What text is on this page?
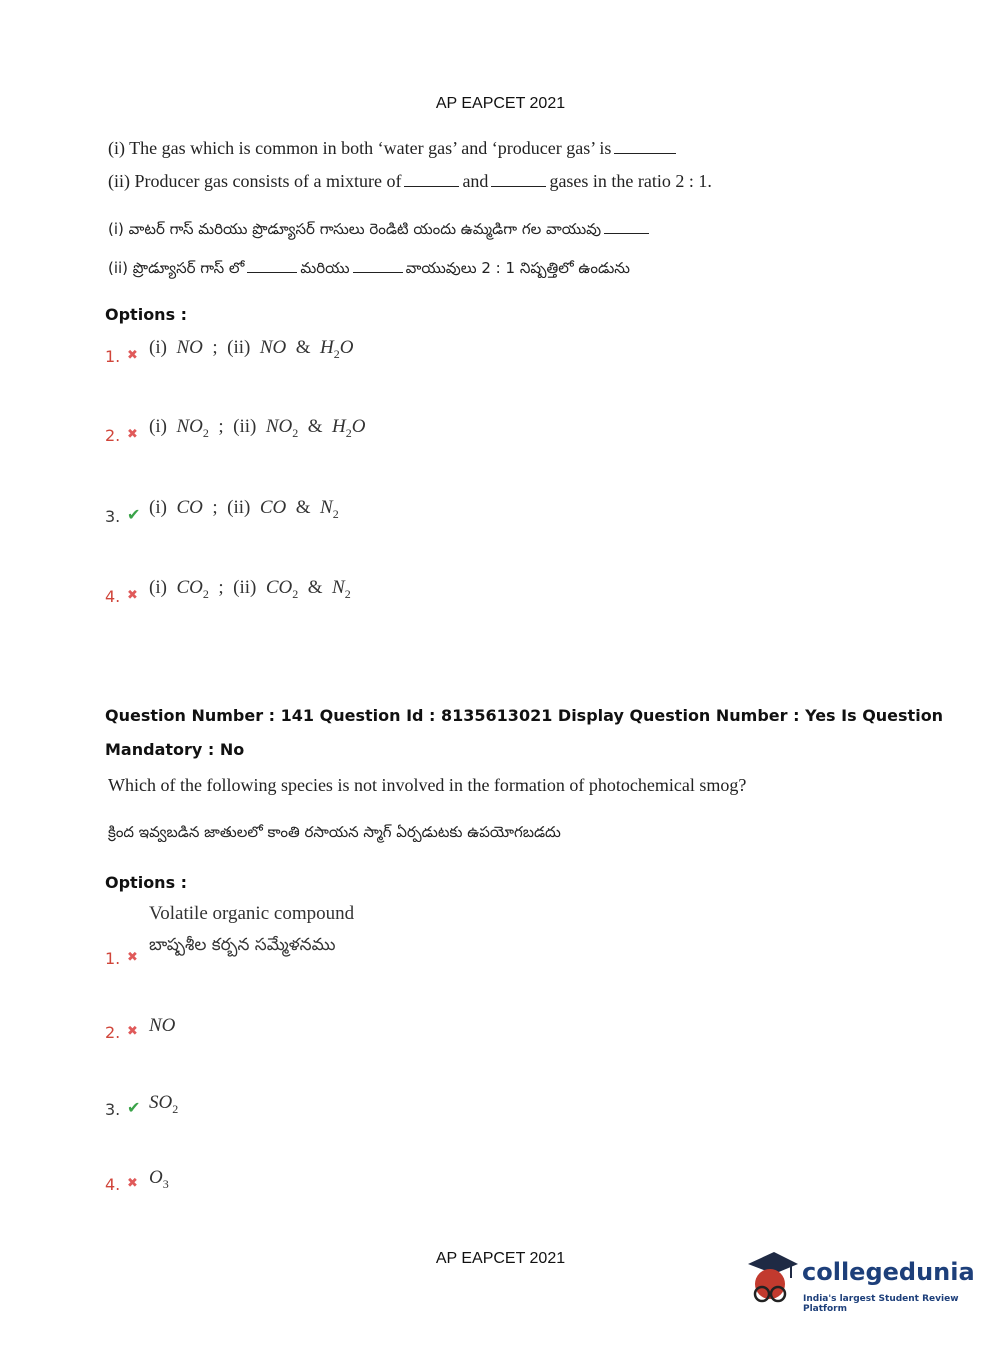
AP EAPCET 2021
(i) The gas which is common in both ‘water gas’ and ‘producer gas’ is
(ii) Producer gas consists of a mixture of	and	gases in the ratio 2 : 1.
(i) వాటర్ గాస్ మరియు ప్రొడ్యూసర్ గాసులు రెండిటి యందు ఉమ్మడిగా గల వాయువు
(ii) ప్రొడ్యూసర్ గాస్ లో	మరియు	వాయువులు 2 : 1 నిష్పత్తిలో ఉండును
Options :
1. ✖ (i) NO ; (ii) NO & $H_2O$
2. ✖ (i) $NO_2$ ; (ii) $NO_2$ & $H_2O$
3. ✔ (i) CO ; (ii) CO & $N_2$
4. ✖ (i) $CO_2$ ; (ii) $CO_2$ & $N_2$
Question Number : 141 Question Id : 8135613021 Display Question Number : Yes Is Question
Mandatory : No
Which of the following species is not involved in the formation of photochemical smog?
క్రింద ఇవ్వబడిన జాతులలో కాంతి రసాయన స్మాగ్ ఏర్పడుటకు ఉపయోగబడదు
Options :
1. ✖
Volatile organic compound
బాష్పశీల కర్బన సమ్మేళనము
2. ✖ NO
3. ✔ $SO_2$
4. ✖ $O_3$
AP EAPCET 2021	collegedunia
India's largest Student Review Platform
